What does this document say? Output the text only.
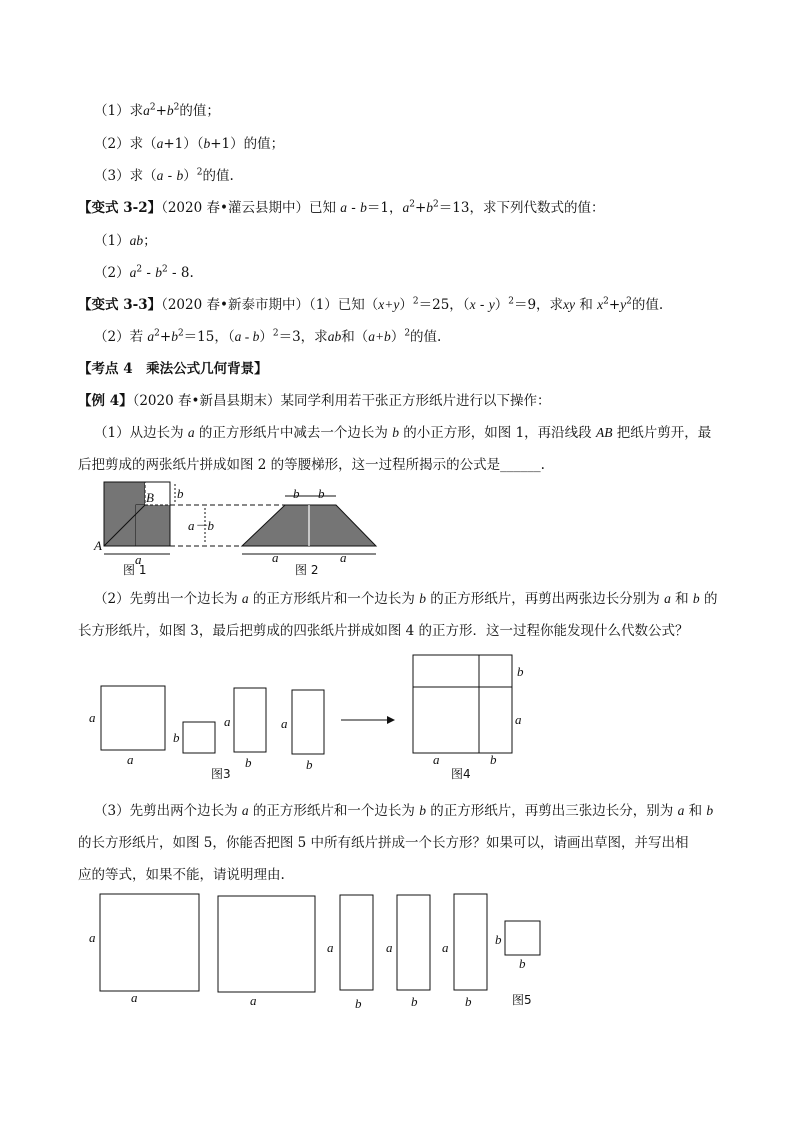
（1）求$a^2+b^2$的值；
（2）求（a+1）（b+1）的值；
（3）求（a - b）$^2$的值.
【变式 3-2】（2020 春•灌云县期中）已知 a - b＝1，$a^2+b^2=13$，求下列代数式的值：
（1）ab；
$(2)a^2 - b^2 - 8$.
【变式 3-3】（2020 春•新泰市期中）（1）已知$(x+y)^2=25$，（x - y）$^2$＝9，求xy 和 $x^2+y^2$的值.
（2）若 $a^2+b^2=15$，（a - b）$^2$＝3，求ab和$(a+b)^2$的值.
【考点 4　乘法公式几何背景】
【例 4】（2020 春•新昌县期末）某同学利用若干张正方形纸片进行以下操作：
（1）从边长为 a 的正方形纸片中减去一个边长为 b 的小正方形，如图 1，再沿线段 AB 把纸片剪开，最
后把剪成的两张纸片拼成如图 2 的等腰梯形，这一过程所揭示的公式是______.
B
A
b
a
a－b
b b
a	a
图 1	图 2
（2）先剪出一个边长为 a 的正方形纸片和一个边长为 b 的正方形纸片，再剪出两张边长分别为 a 和 b 的
长方形纸片，如图 3，最后把剪成的四张纸片拼成如图 4 的正方形．这一过程你能发现什么代数公式？
a
a
b
a
b
a
b
图3
b
a
a	b
图4
（3）先剪出两个边长为 a 的正方形纸片和一个边长为 b 的正方形纸片，再剪出三张边长分，别为 a 和 b
的长方形纸片，如图 5，你能否把图 5 中所有纸片拼成一个长方形？如果可以，请画出草图，并写出相
应的等式，如果不能，请说明理由.
a
a	a
a
b
a
b
a
b
b
b
图5
